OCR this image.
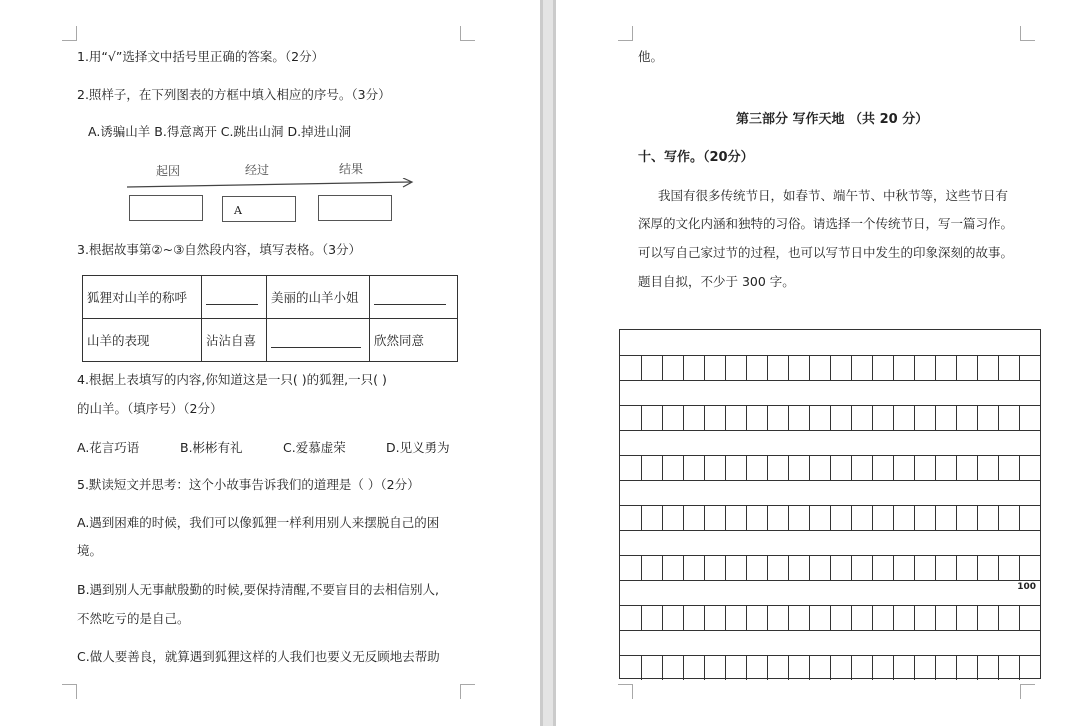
1.用“√”选择文中括号里正确的答案。（2分）
2.照样子，在下列图表的方框中填入相应的序号。（3分）
A.诱骗山羊 B.得意离开 C.跳出山洞 D.掉进山洞
起因	经过	结果
A
3.根据故事第②~③自然段内容，填写表格。（3分）
狐狸对山羊的称呼		美丽的山羊小姐	
山羊的表现	沾沾自喜		欣然同意
4.根据上表填写的内容,你知道这是一只( )的狐狸,一只( )
的山羊。（填序号）（2分）
A.花言巧语	B.彬彬有礼	C.爱慕虚荣	D.见义勇为
5.默读短文并思考：这个小故事告诉我们的道理是（ ）（2分）
A.遇到困难的时候，我们可以像狐狸一样利用别人来摆脱自己的困
境。
B.遇到别人无事献殷勤的时候,要保持清醒,不要盲目的去相信别人,
不然吃亏的是自己。
C.做人要善良，就算遇到狐狸这样的人我们也要义无反顾地去帮助
他。
第三部分 写作天地 （共 20 分）
十、写作。（20分）
我国有很多传统节日，如春节、端午节、中秋节等，这些节日有
深厚的文化内涵和独特的习俗。请选择一个传统节日，写一篇习作。
可以写自己家过节的过程，也可以写节日中发生的印象深刻的故事。
题目自拟，不少于 300 字。
100
